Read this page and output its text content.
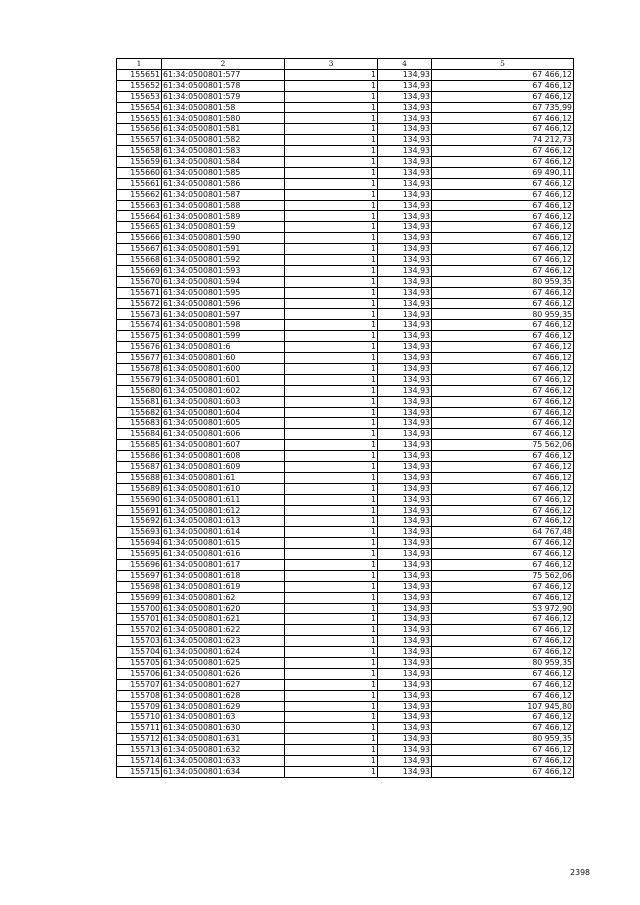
1	2	3	4	5
155651	61:34:0500801:577	1	134,93	67 466,12
155652	61:34:0500801:578	1	134,93	67 466,12
155653	61:34:0500801:579	1	134,93	67 466,12
155654	61:34:0500801:58	1	134,93	67 735,99
155655	61:34:0500801:580	1	134,93	67 466,12
155656	61:34:0500801:581	1	134,93	67 466,12
155657	61:34:0500801:582	1	134,93	74 212,73
155658	61:34:0500801:583	1	134,93	67 466,12
155659	61:34:0500801:584	1	134,93	67 466,12
155660	61:34:0500801:585	1	134,93	69 490,11
155661	61:34:0500801:586	1	134,93	67 466,12
155662	61:34:0500801:587	1	134,93	67 466,12
155663	61:34:0500801:588	1	134,93	67 466,12
155664	61:34:0500801:589	1	134,93	67 466,12
155665	61:34:0500801:59	1	134,93	67 466,12
155666	61:34:0500801:590	1	134,93	67 466,12
155667	61:34:0500801:591	1	134,93	67 466,12
155668	61:34:0500801:592	1	134,93	67 466,12
155669	61:34:0500801:593	1	134,93	67 466,12
155670	61:34:0500801:594	1	134,93	80 959,35
155671	61:34:0500801:595	1	134,93	67 466,12
155672	61:34:0500801:596	1	134,93	67 466,12
155673	61:34:0500801:597	1	134,93	80 959,35
155674	61:34:0500801:598	1	134,93	67 466,12
155675	61:34:0500801:599	1	134,93	67 466,12
155676	61:34:0500801:6	1	134,93	67 466,12
155677	61:34:0500801:60	1	134,93	67 466,12
155678	61:34:0500801:600	1	134,93	67 466,12
155679	61:34:0500801:601	1	134,93	67 466,12
155680	61:34:0500801:602	1	134,93	67 466,12
155681	61:34:0500801:603	1	134,93	67 466,12
155682	61:34:0500801:604	1	134,93	67 466,12
155683	61:34:0500801:605	1	134,93	67 466,12
155684	61:34:0500801:606	1	134,93	67 466,12
155685	61:34:0500801:607	1	134,93	75 562,06
155686	61:34:0500801:608	1	134,93	67 466,12
155687	61:34:0500801:609	1	134,93	67 466,12
155688	61:34:0500801:61	1	134,93	67 466,12
155689	61:34:0500801:610	1	134,93	67 466,12
155690	61:34:0500801:611	1	134,93	67 466,12
155691	61:34:0500801:612	1	134,93	67 466,12
155692	61:34:0500801:613	1	134,93	67 466,12
155693	61:34:0500801:614	1	134,93	64 767,48
155694	61:34:0500801:615	1	134,93	67 466,12
155695	61:34:0500801:616	1	134,93	67 466,12
155696	61:34:0500801:617	1	134,93	67 466,12
155697	61:34:0500801:618	1	134,93	75 562,06
155698	61:34:0500801:619	1	134,93	67 466,12
155699	61:34:0500801:62	1	134,93	67 466,12
155700	61:34:0500801:620	1	134,93	53 972,90
155701	61:34:0500801:621	1	134,93	67 466,12
155702	61:34:0500801:622	1	134,93	67 466,12
155703	61:34:0500801:623	1	134,93	67 466,12
155704	61:34:0500801:624	1	134,93	67 466,12
155705	61:34:0500801:625	1	134,93	80 959,35
155706	61:34:0500801:626	1	134,93	67 466,12
155707	61:34:0500801:627	1	134,93	67 466,12
155708	61:34:0500801:628	1	134,93	67 466,12
155709	61:34:0500801:629	1	134,93	107 945,80
155710	61:34:0500801:63	1	134,93	67 466,12
155711	61:34:0500801:630	1	134,93	67 466,12
155712	61:34:0500801:631	1	134,93	80 959,35
155713	61:34:0500801:632	1	134,93	67 466,12
155714	61:34:0500801:633	1	134,93	67 466,12
155715	61:34:0500801:634	1	134,93	67 466,12
2398
